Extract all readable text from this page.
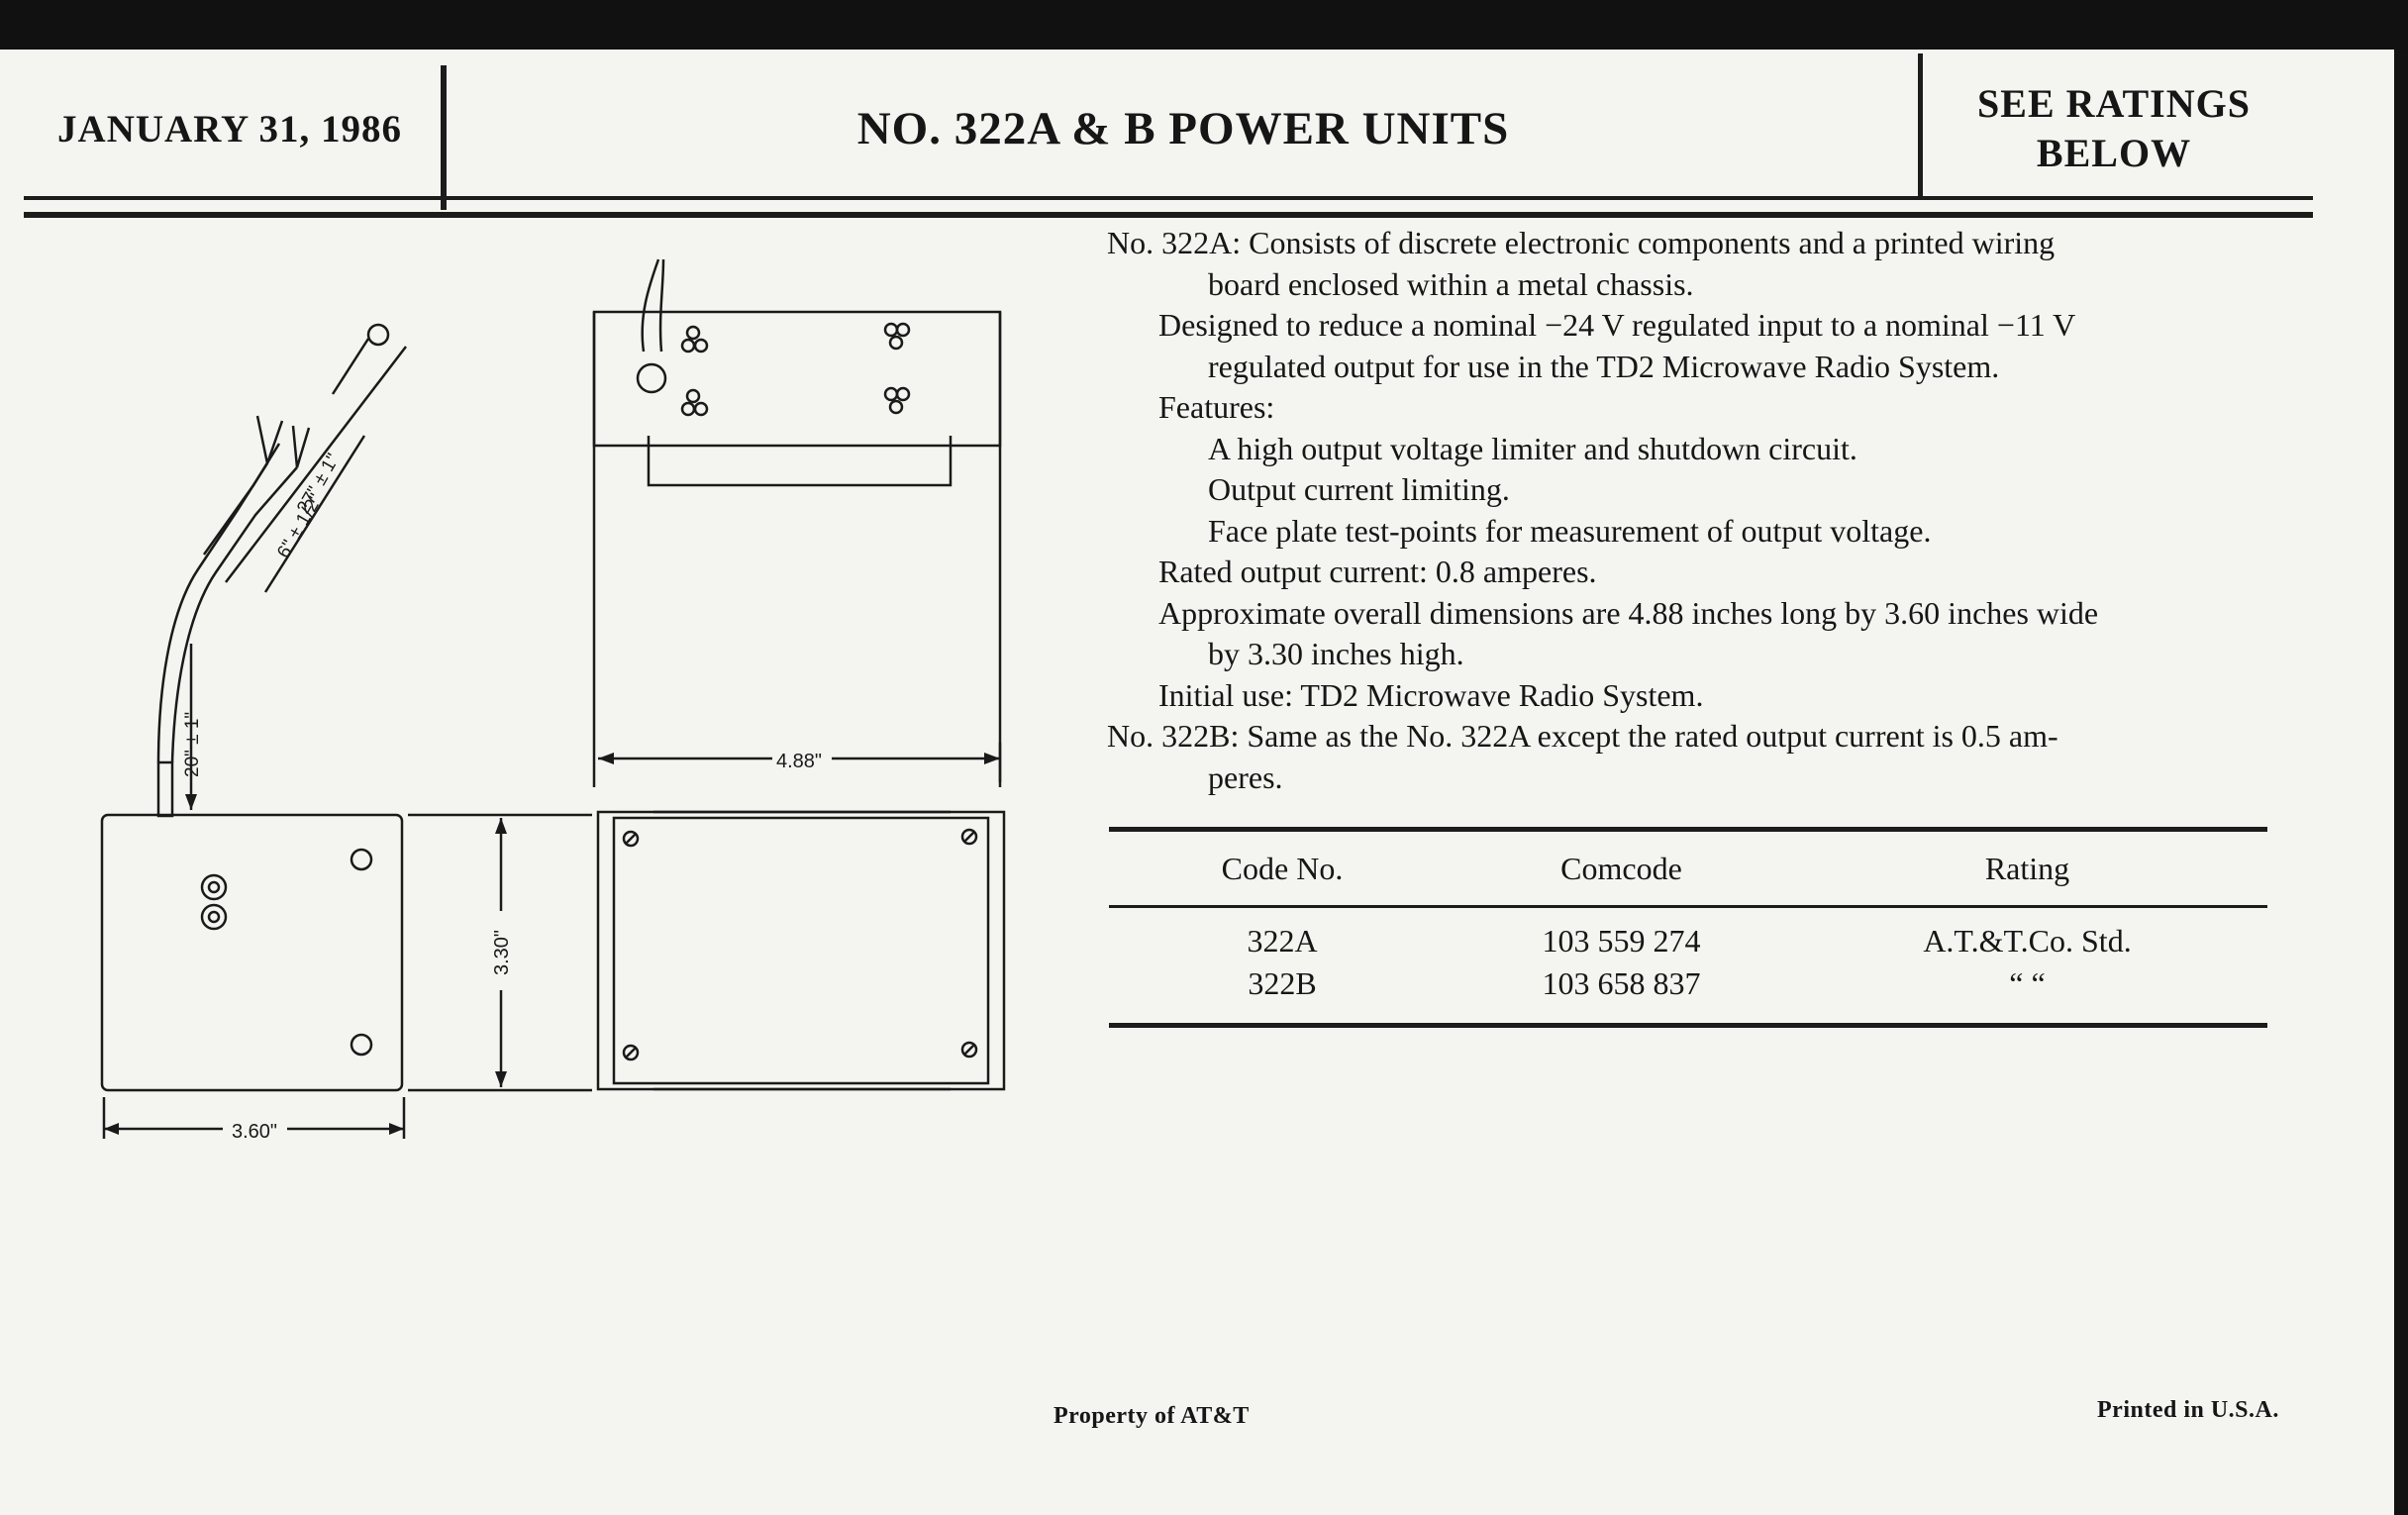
JANUARY 31, 1986	NO. 322A & B POWER UNITS	SEE RATINGS
BELOW
3.60"
4.88"
3.30"
20" ± 1"
27" ± 1"
6" ± 1/2"

No. 322A: Consists of discrete electronic components and a printed wiring

board enclosed within a metal chassis.

Designed to reduce a nominal −24 V regulated input to a nominal −11 V

regulated output for use in the TD2 Microwave Radio System.

Features:

A high output voltage limiter and shutdown circuit.

Output current limiting.

Face plate test-points for measurement of output voltage.

Rated output current: 0.8 amperes.

Approximate overall dimensions are 4.88 inches long by 3.60 inches wide

by 3.30 inches high.

Initial use: TD2 Microwave Radio System.

No. 322B: Same as the No. 322A except the rated output current is 0.5 am-

peres.

Code No.	Comcode	Rating
322A	103 559 274	A.T.&T.Co. Std.
322B	103 658 837	“ “
Property of AT&T	Printed in U.S.A.
